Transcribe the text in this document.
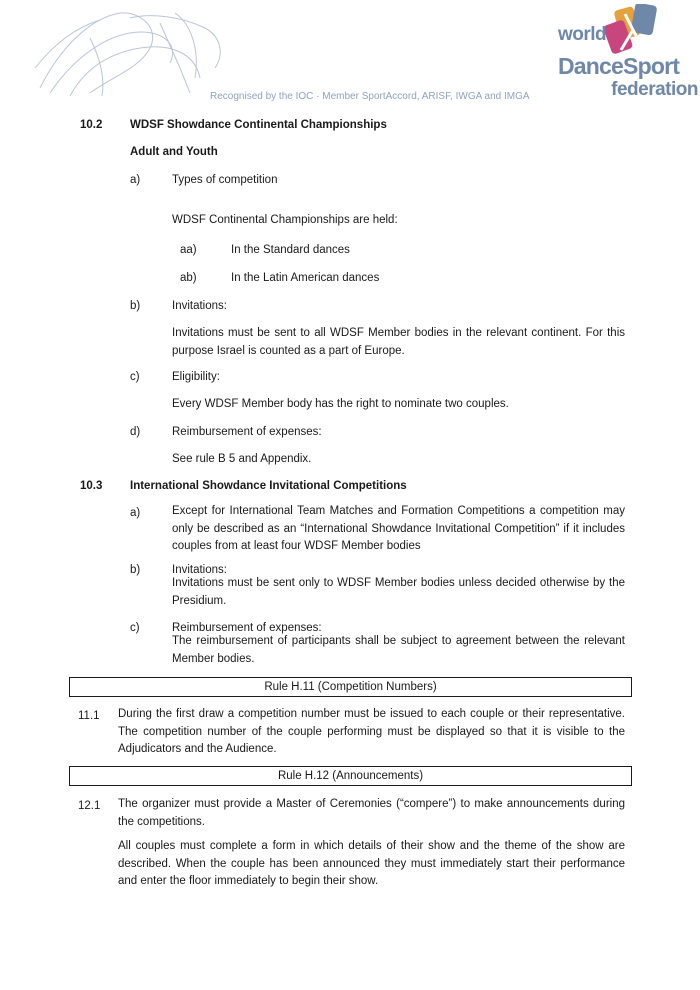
world
DanceSport
federation
Recognised by the IOC · Member SportAccord, ARISF, IWGA and IMGA
10.2 WDSF Showdance Continental Championships
Adult and Youth
a)	Types of competition
WDSF Continental Championships are held:
aa)	In the Standard dances
ab)	In the Latin American dances
b)	Invitations:
Invitations must be sent to all WDSF Member bodies in the relevant continent. For this purpose Israel is counted as a part of Europe.
c)	Eligibility:
Every WDSF Member body has the right to nominate two couples.
d)	Reimbursement of expenses:
See rule B 5 and Appendix.
10.3 International Showdance Invitational Competitions
a)	Except for International Team Matches and Formation Competitions a competition may only be described as an “International Showdance Invitational Competition” if it includes couples from at least four WDSF Member bodies
b)	Invitations:
Invitations must be sent only to WDSF Member bodies unless decided otherwise by the Presidium.
c)	Reimbursement of expenses:
The reimbursement of participants shall be subject to agreement between the relevant Member bodies.
Rule H.11 (Competition Numbers)
11.1 During the first draw a competition number must be issued to each couple or their representative. The competition number of the couple performing must be displayed so that it is visible to the Adjudicators and the Audience.
Rule H.12 (Announcements)
12.1 The organizer must provide a Master of Ceremonies (“compere”) to make announcements during the competitions.
All couples must complete a form in which details of their show and the theme of the show are described. When the couple has been announced they must immediately start their performance and enter the floor immediately to begin their show.
